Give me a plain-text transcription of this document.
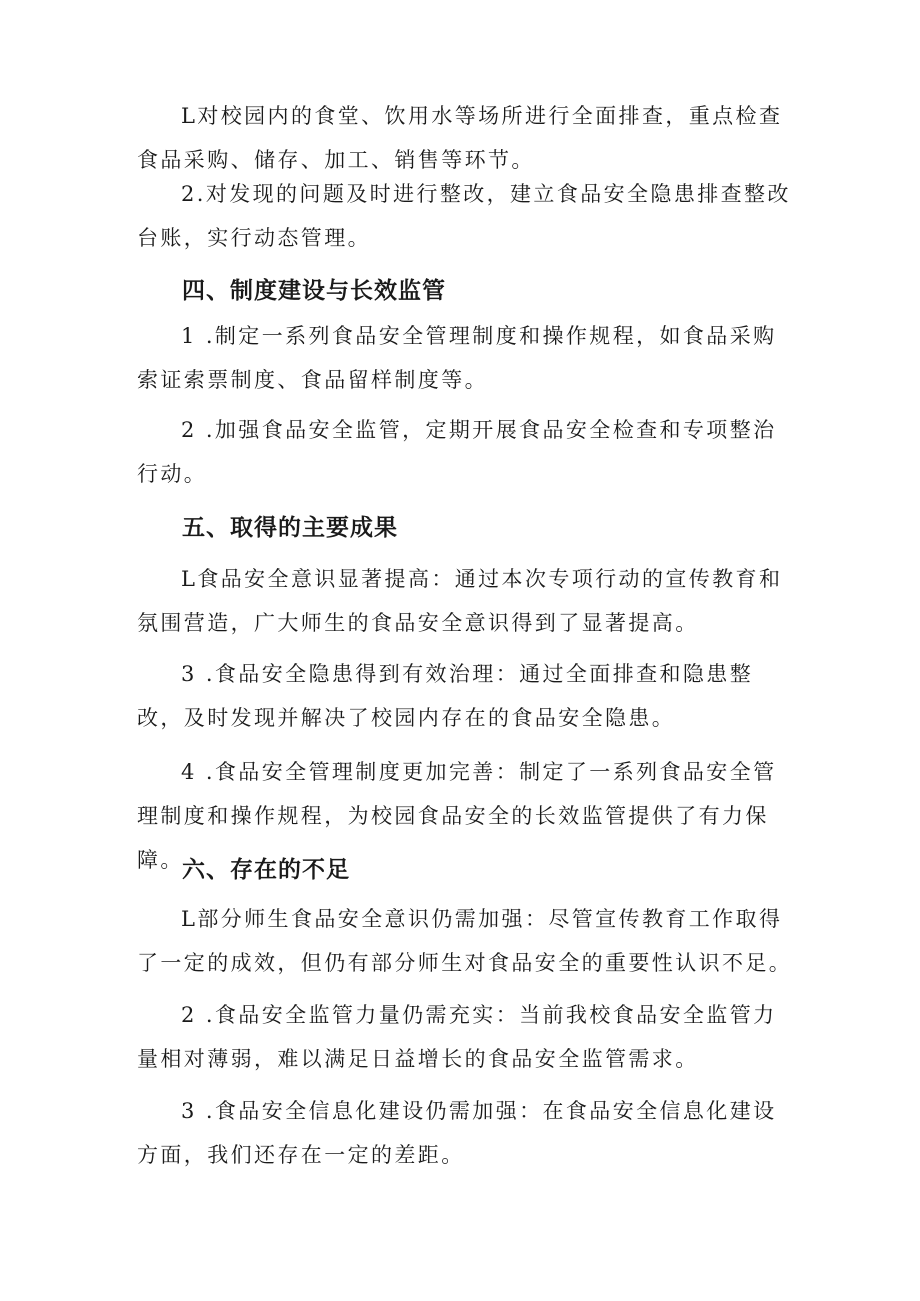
L对校园内的食堂、饮用水等场所进行全面排查，重点检查食品采购、储存、加工、销售等环节。

2.对发现的问题及时进行整改，建立食品安全隐患排查整改台账，实行动态管理。

四、制度建设与长效监管

1 .制定一系列食品安全管理制度和操作规程，如食品采购索证索票制度、食品留样制度等。

2 .加强食品安全监管，定期开展食品安全检查和专项整治行动。

五、取得的主要成果

L食品安全意识显著提高：通过本次专项行动的宣传教育和氛围营造，广大师生的食品安全意识得到了显著提高。

3 .食品安全隐患得到有效治理：通过全面排查和隐患整改，及时发现并解决了校园内存在的食品安全隐患。

4 .食品安全管理制度更加完善：制定了一系列食品安全管理制度和操作规程，为校园食品安全的长效监管提供了有力保障。

六、存在的不足

L部分师生食品安全意识仍需加强：尽管宣传教育工作取得了一定的成效，但仍有部分师生对食品安全的重要性认识不足。

2 .食品安全监管力量仍需充实：当前我校食品安全监管力量相对薄弱，难以满足日益增长的食品安全监管需求。

3 .食品安全信息化建设仍需加强：在食品安全信息化建设方面，我们还存在一定的差距。
